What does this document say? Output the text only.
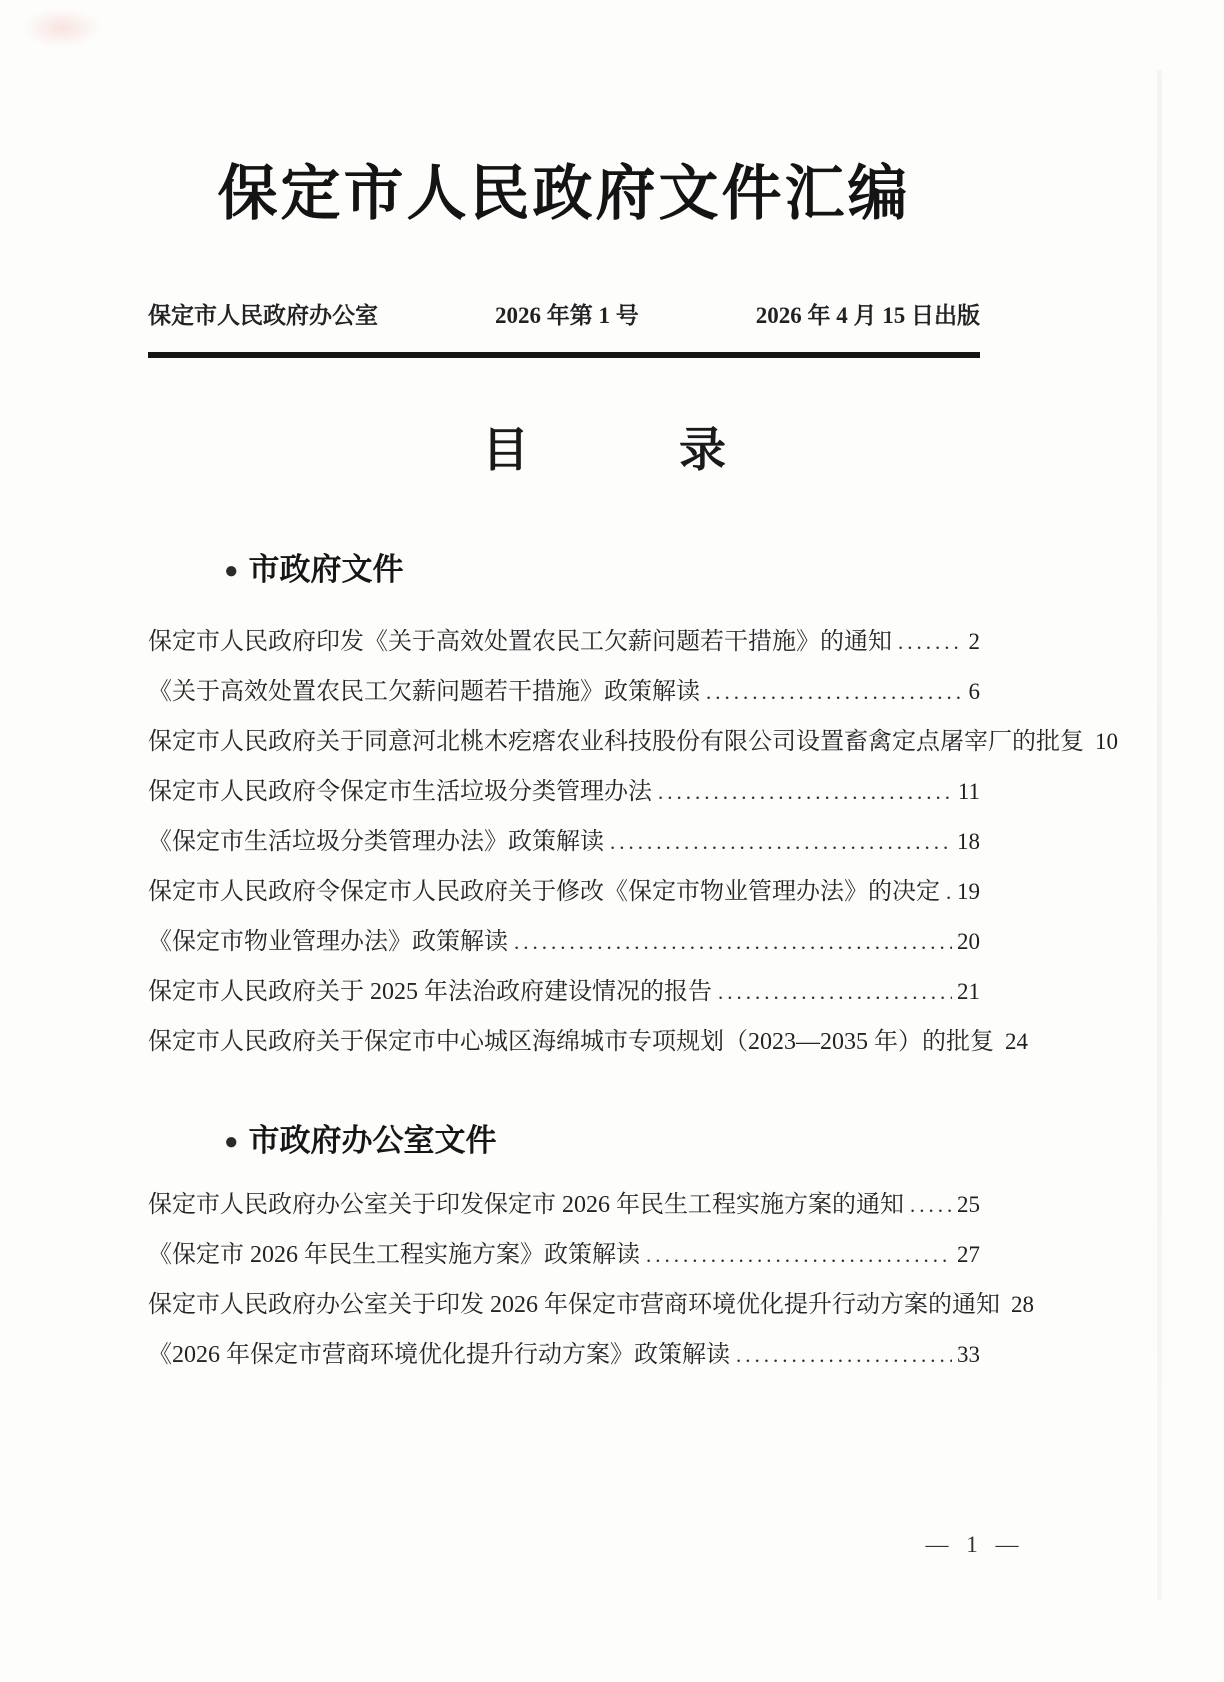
保定市人民政府文件汇编
保定市人民政府办公室	2026 年第 1 号	2026 年 4 月 15 日出版
目	录
● 市政府文件
保定市人民政府印发《关于高效处置农民工欠薪问题若干措施》的通知 .....	2
《关于高效处置农民工欠薪问题若干措施》政策解读 .....	6
保定市人民政府关于同意河北桃木疙瘩农业科技股份有限公司设置畜禽定点屠宰厂的批复 10
保定市人民政府令保定市生活垃圾分类管理办法 .....	11
《保定市生活垃圾分类管理办法》政策解读 .....	18
保定市人民政府令保定市人民政府关于修改《保定市物业管理办法》的决定 ..... 19
《保定市物业管理办法》政策解读 .....	20
保定市人民政府关于 2025 年法治政府建设情况的报告 .....	21
保定市人民政府关于保定市中心城区海绵城市专项规划（2023—2035 年）的批复 24
● 市政府办公室文件
保定市人民政府办公室关于印发保定市 2026 年民生工程实施方案的通知 ..... 25
《保定市 2026 年民生工程实施方案》政策解读 .....	27
保定市人民政府办公室关于印发 2026 年保定市营商环境优化提升行动方案的通知 28
《2026 年保定市营商环境优化提升行动方案》政策解读 .....	33
— 1 —
